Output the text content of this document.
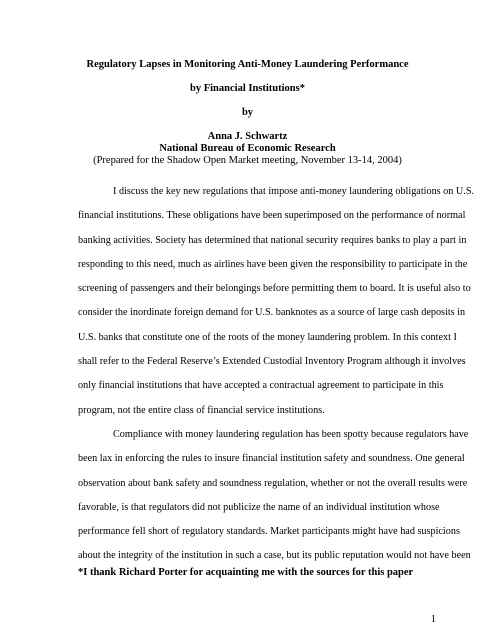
Regulatory Lapses in Monitoring Anti-Money Laundering Performance
by Financial Institutions*
by
Anna J. Schwartz
National Bureau of Economic Research
(Prepared for the Shadow Open Market meeting, November 13-14, 2004)

I discuss the key new regulations that impose anti-money laundering obligations on U.S.

financial institutions. These obligations have been superimposed on the performance of normal

banking activities. Society has determined that national security requires banks to play a part in

responding to this need, much as airlines have been given the responsibility to participate in the

screening of passengers and their belongings before permitting them to board. It is useful also to

consider the inordinate foreign demand for U.S. banknotes as a source of large cash deposits in

U.S. banks that constitute one of the roots of the money laundering problem. In this context I

shall refer to the Federal Reserve’s Extended Custodial Inventory Program although it involves

only financial institutions that have accepted a contractual agreement to participate in this

program, not the entire class of financial service institutions.

Compliance with money laundering regulation has been spotty because regulators have

been lax in enforcing the rules to insure financial institution safety and soundness. One general

observation about bank safety and soundness regulation, whether or not the overall results were

favorable, is that regulators did not publicize the name of an individual institution whose

performance fell short of regulatory standards. Market participants might have had suspicions

about the integrity of the institution in such a case, but its public reputation would not have been

*I thank Richard Porter for acquainting me with the sources for this paper
1
